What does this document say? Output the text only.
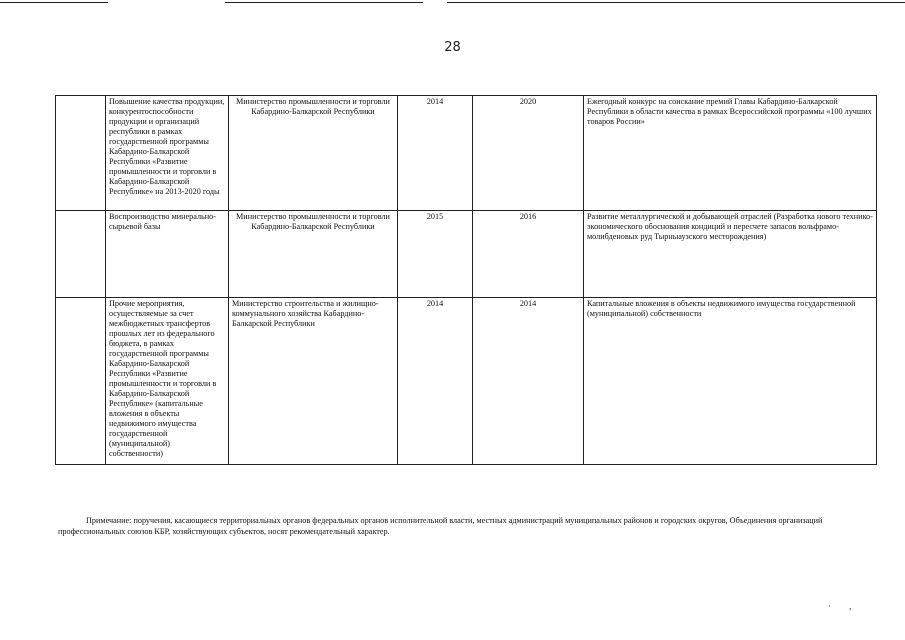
28
	Повышение качества продукции, конкурентоспособности продукции и организаций республики в рамках государственной программы Кабардино-Балкарской Республики «Развитие промышленности и торговли в Кабардино-Балкарской Республике» на 2013-2020 годы	Министерство промышленности и торговли Кабардино-Балкарской Республики	2014	2020	Ежегодный конкурс на соискание премий Главы Кабардино-Балкарской Республики в области качества в рамках Всероссийской программы «100 лучших товаров России»
	Воспроизводство минерально-сырьевой базы	Министерство промышленности и торговли Кабардино-Балкарской Республики	2015	2016	Развитие металлургической и добывающей отраслей (Разработка нового технико-экономического обоснования кондиций и пересчете запасов вольфрамо-молибденовых руд Тырныаузского месторождения)
	Прочие мероприятия, осуществляемые за счет межбюджетных трансфертов прошлых лет из федерального бюджета, в рамках государственной программы Кабардино-Балкарской Республики «Развитие промышленности и торговли в Кабардино-Балкарской Республике» (капитальные вложения в объекты недвижимого имущества государственной (муниципальной) собственности)	Министерство строительства и жилищно-коммунального хозяйства Кабардино-Балкарской Республики	2014	2014	Капитальные вложения в объекты недвижимого имущества государственной (муниципальной) собственности
Примечание: поручения, касающиеся территориальных органов федеральных органов исполнительной власти, местных администраций муниципальных районов и городских округов, Объединения организаций профессиональных союзов КБР, хозяйствующих субъектов, носят рекомендательный характер.
·        ,
